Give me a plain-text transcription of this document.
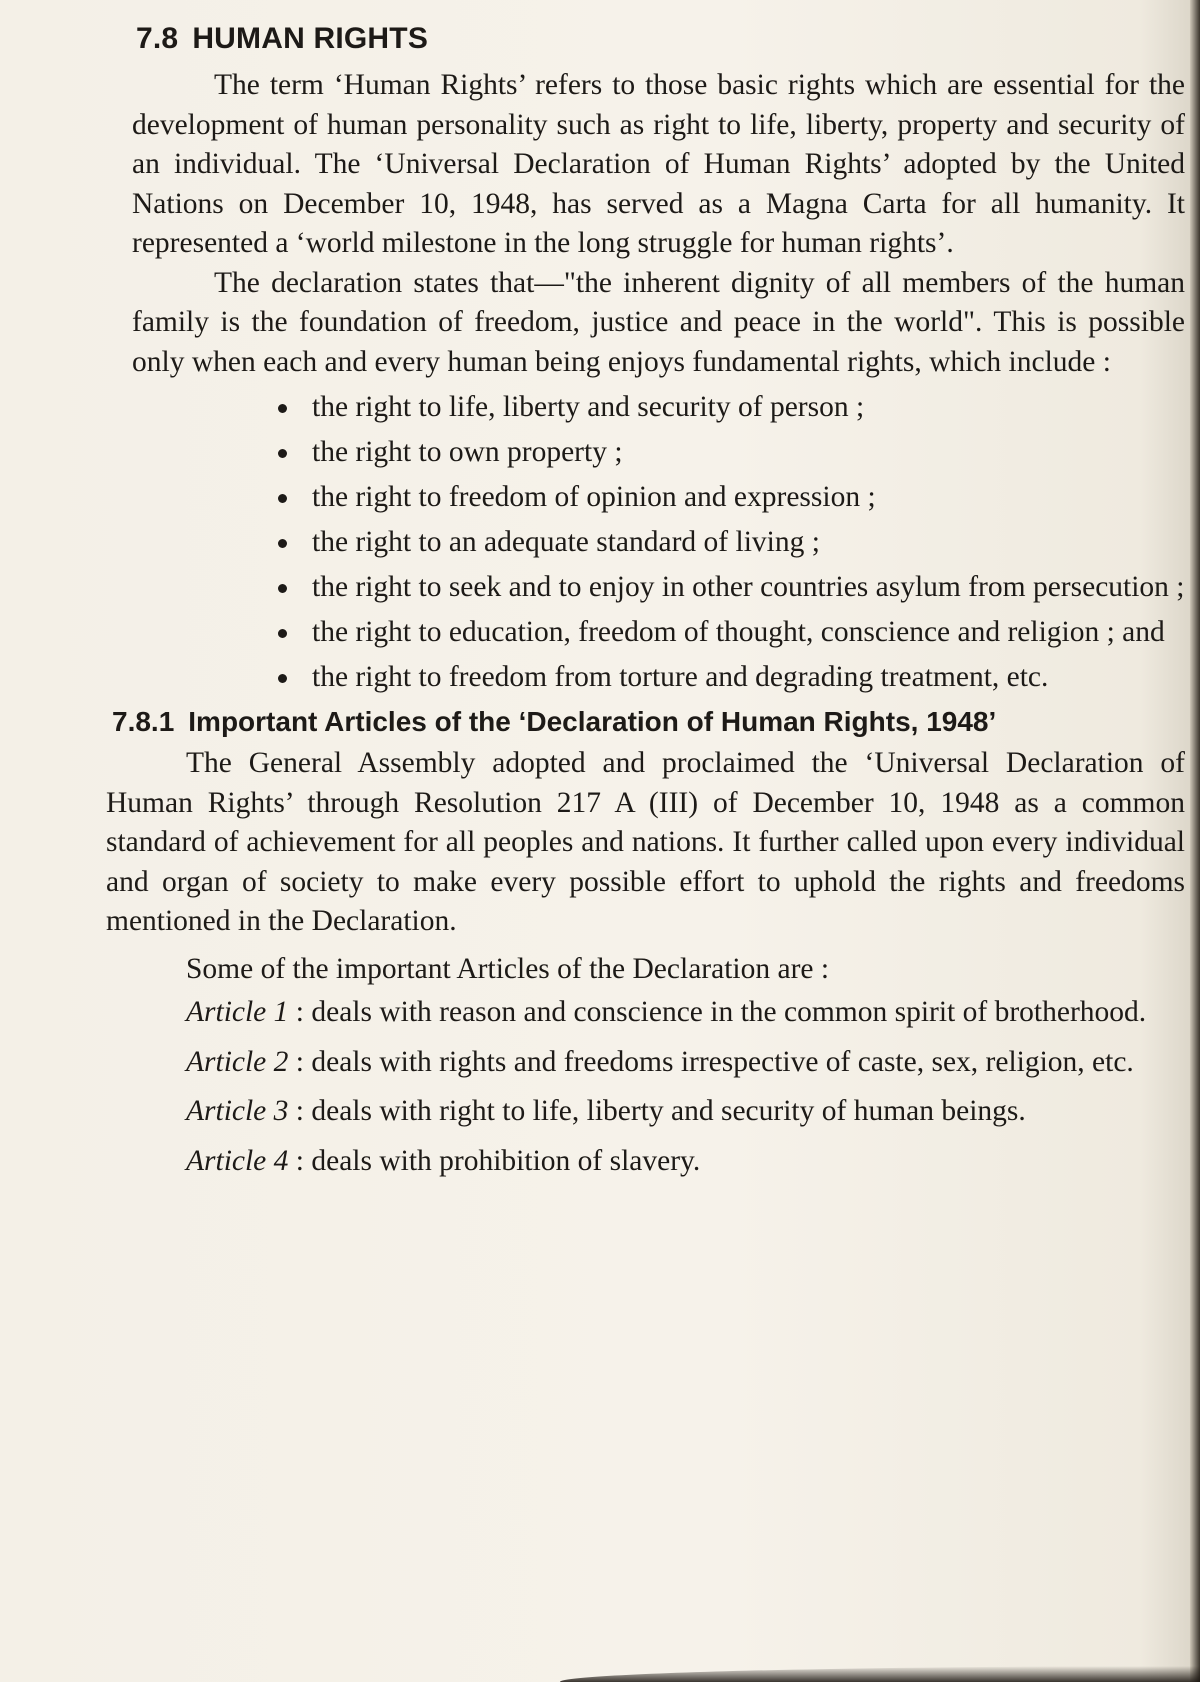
7.8 HUMAN RIGHTS

The term ‘Human Rights’ refers to those basic rights which are essential for the development of human personality such as right to life, liberty, property and security of an individual. The ‘Universal Declaration of Human Rights’ adopted by the United Nations on December 10, 1948, has served as a Magna Carta for all humanity. It represented a ‘world milestone in the long struggle for human rights’.

The declaration states that—"the inherent dignity of all members of the human family is the foundation of freedom, justice and peace in the world". This is possible only when each and every human being enjoys fundamental rights, which include :

the right to life, liberty and security of person ;
the right to own property ;
the right to freedom of opinion and expression ;
the right to an adequate standard of living ;
the right to seek and to enjoy in other countries asylum from persecution ;
the right to education, freedom of thought, conscience and religion ; and
the right to freedom from torture and degrading treatment, etc.
7.8.1 Important Articles of the ‘Declaration of Human Rights, 1948’

The General Assembly adopted and proclaimed the ‘Universal Declaration of Human Rights’ through Resolution 217 A (III) of December 10, 1948 as a common standard of achievement for all peoples and nations. It further called upon every individual and organ of society to make every possible effort to uphold the rights and freedoms mentioned in the Declaration.

Some of the important Articles of the Declaration are :

Article 1 : deals with reason and conscience in the common spirit of brotherhood.

Article 2 : deals with rights and freedoms irrespective of caste, sex, religion, etc.

Article 3 : deals with right to life, liberty and security of human beings.

Article 4 : deals with prohibition of slavery.
